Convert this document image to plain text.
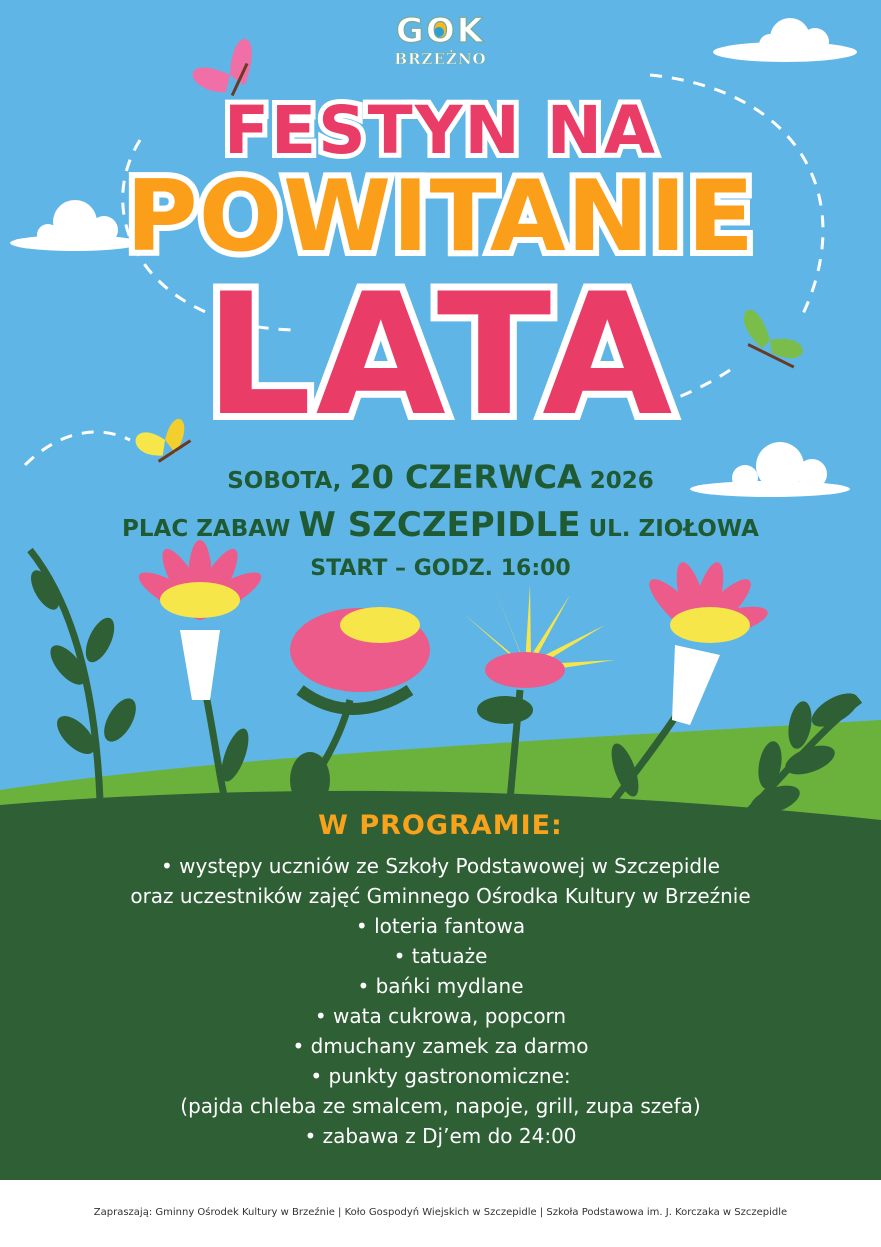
GOK
BRZEŻNO
FESTYN NA
POWITANIE
LATA
SOBOTA, 20 CZERWCA 2026
PLAC ZABAW W SZCZEPIDLE UL. ZIOŁOWA
START – GODZ. 16:00
W PROGRAMIE:
• występy uczniów ze Szkoły Podstawowej w Szczepidle
oraz uczestników zajęć Gminnego Ośrodka Kultury w Brzeźnie
• loteria fantowa
• tatuaże
• bańki mydlane
• wata cukrowa, popcorn
• dmuchany zamek za darmo
• punkty gastronomiczne:
(pajda chleba ze smalcem, napoje, grill, zupa szefa)
• zabawa z Dj’em do 24:00
Zapraszają: Gminny Ośrodek Kultury w Brzeźnie | Koło Gospodyń Wiejskich w Szczepidle | Szkoła Podstawowa im. J. Korczaka w Szczepidle
